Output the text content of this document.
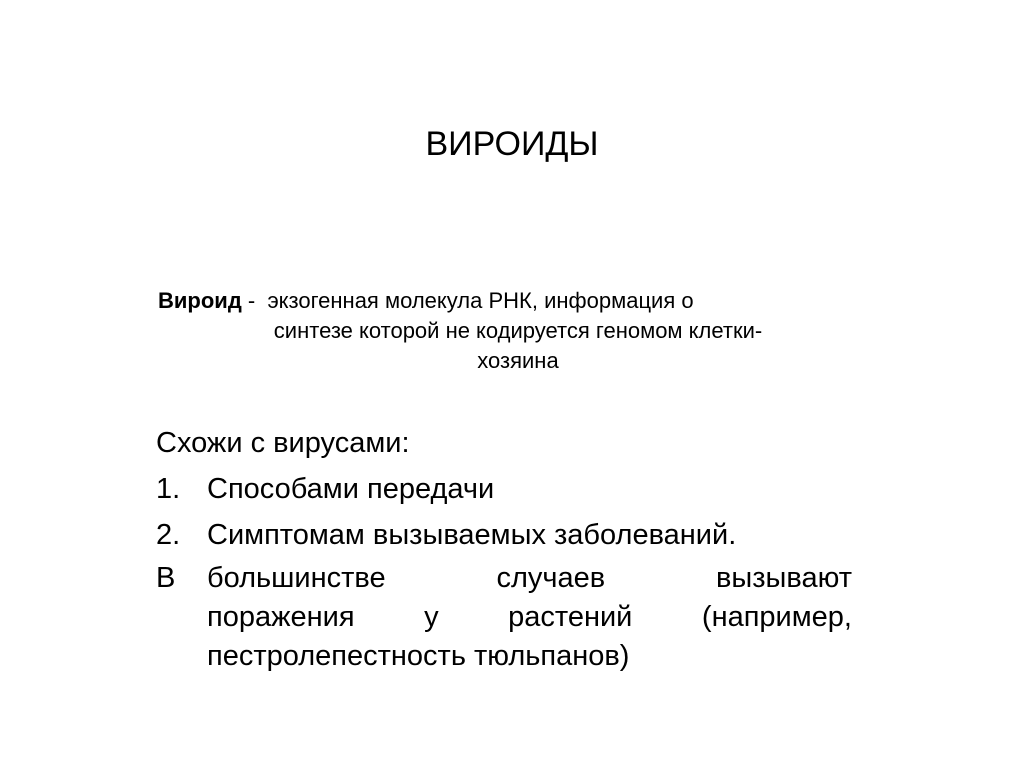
ВИРОИДЫ
Вироид -  экзогенная молекула РНК, информация о
синтезе которой не кодируется геномом клетки-
хозяина
Схожи с вирусами:
1. Способами передачи
2. Симптомам вызываемых заболеваний.
В большинстве	случаев	вызывают
поражения у растений (например,
пестролепестность тюльпанов)
